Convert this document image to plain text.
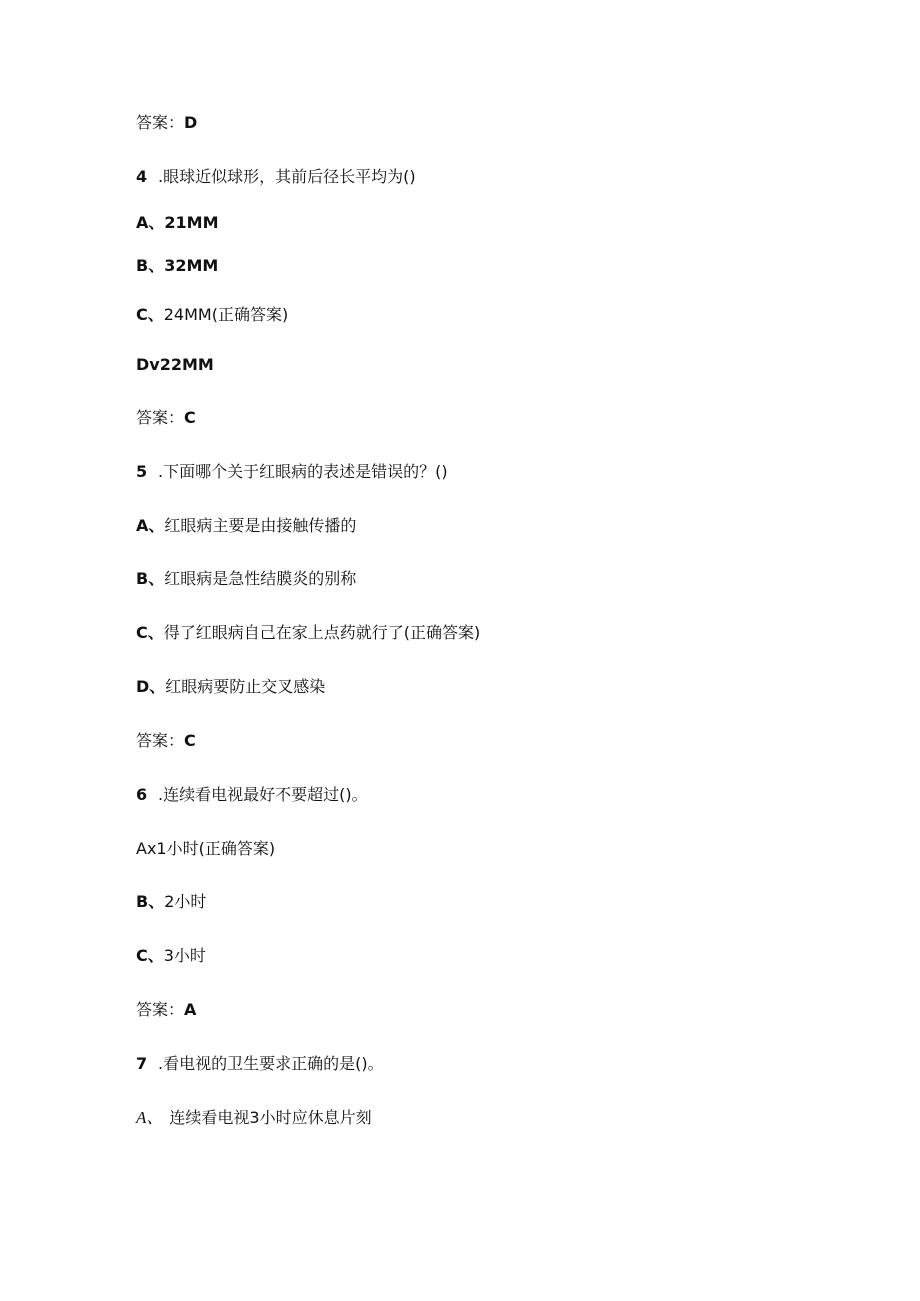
答案：D
4 .眼球近似球形，其前后径长平均为()
A、21MM
B、32MM
C、24MM(正确答案)
Dv22MM
答案：C
5 .下面哪个关于红眼病的表述是错误的？()
A、红眼病主要是由接触传播的
B、红眼病是急性结膜炎的别称
C、得了红眼病自己在家上点药就行了(正确答案)
D、红眼病要防止交叉感染
答案：C
6 .连续看电视最好不要超过()。
Ax1小时(正确答案)
B、2小时
C、3小时
答案：A
7 .看电视的卫生要求正确的是()。
A、 连续看电视3小时应休息片刻
